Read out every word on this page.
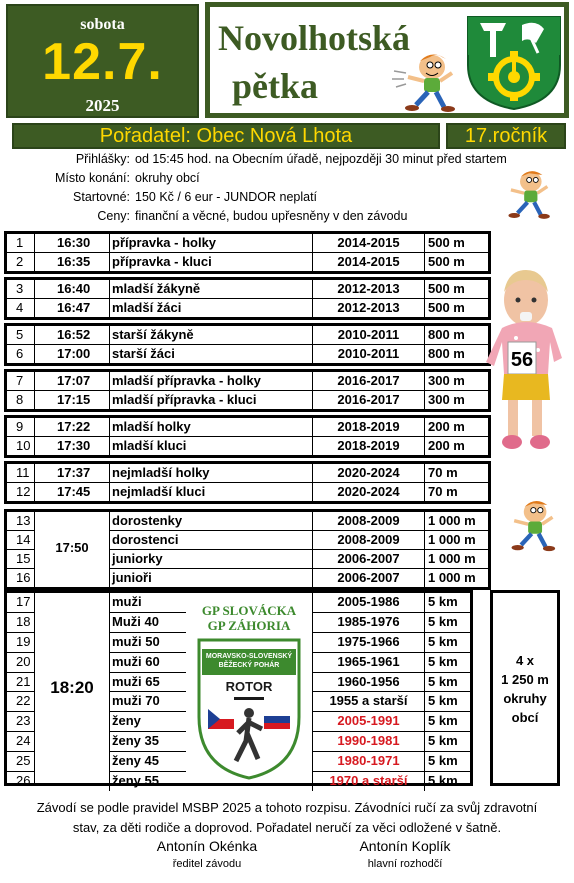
sobota
12.7.
2025
Novolhotská
pětka
Pořadatel: Obec Nová Lhota	17.ročník
Přihlášky: od 15:45 hod. na Obecním úřadě, nejpozději 30 minut před startem
Místo konání: okruhy obcí
Startovné: 150 Kč / 6 eur - JUNDOR neplatí
Ceny: finanční a věcné, budou upřesněny v den závodu
1	16:30	přípravka - holky	2014-2015	500 m
2	16:35	přípravka - kluci	2014-2015	500 m
3	16:40	mladší žákyně	2012-2013	500 m
4	16:47	mladší žáci	2012-2013	500 m
5	16:52	starší žákyně	2010-2011	800 m
6	17:00	starší žáci	2010-2011	800 m
7	17:07	mladší přípravka - holky	2016-2017	300 m
8	17:15	mladší přípravka - kluci	2016-2017	300 m
9	17:22	mladší holky	2018-2019	200 m
10	17:30	mladší kluci	2018-2019	200 m
11	17:37	nejmladší holky	2020-2024	70 m
12	17:45	nejmladší kluci	2020-2024	70 m
56
13	dorostenky	2008-2009	1 000 m
14	dorostenci	2008-2009	1 000 m
15	juniorky	2006-2007	1 000 m
16	junioři	2006-2007	1 000 m
17:50
17	muži	2005-1986	5 km
18	Muži 40	1985-1976	5 km
19	muži 50	1975-1966	5 km
20	muži 60	1965-1961	5 km
21	muži 65	1960-1956	5 km
22	muži 70	1955 a starší	5 km
23	ženy	2005-1991	5 km
24	ženy 35	1990-1981	5 km
25	ženy 45	1980-1971	5 km
26	ženy 55	1970 a starší	5 km
18:20
GP SLOVÁCKA
GP ZÁHORIA
MORAVSKO-SLOVENSKÝ
BĚŽECKÝ POHÁR
ROTOR
4 x
1 250 m
okruhy
obcí
Závodí se podle pravidel MSBP 2025 a tohoto rozpisu. Závodníci ručí za svůj zdravotní
stav, za děti rodiče a doprovod. Pořadatel neručí za věci odložené v šatně.
Antonín Okénka
ředitel závodu
Antonín Koplík
hlavní rozhodčí
